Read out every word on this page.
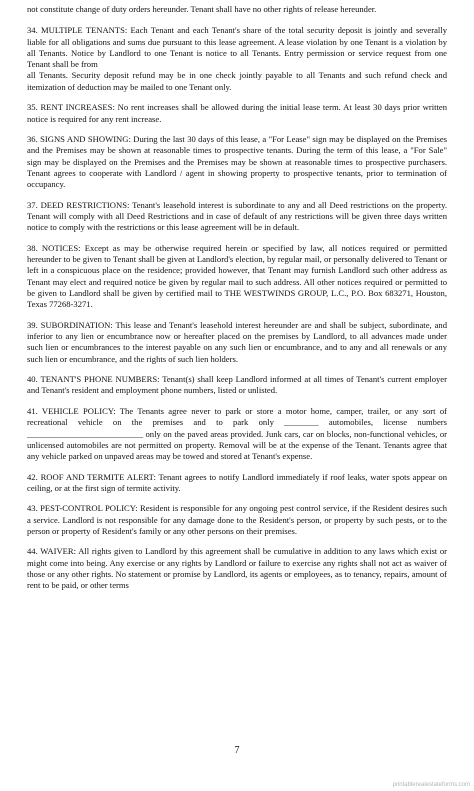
not constitute change of duty orders hereunder. Tenant shall have no other rights of release hereunder.

34. MULTIPLE TENANTS: Each Tenant and each Tenant's share of the total security deposit is jointly and severally liable for all obligations and sums due pursuant to this lease agreement. A lease violation by one Tenant is a violation by all Tenants. Notice by Landlord to one Tenant is notice to all Tenants. Entry permission or service request from one Tenant shall be from
all Tenants. Security deposit refund may be in one check jointly payable to all Tenants and such refund check and itemization of deduction may be mailed to one Tenant only.

35. RENT INCREASES: No rent increases shall be allowed during the initial lease term. At least 30 days prior written notice is required for any rent increase.

36. SIGNS AND SHOWING: During the last 30 days of this lease, a "For Lease" sign may be displayed on the Premises and the Premises may be shown at reasonable times to prospective tenants. During the term of this lease, a "For Sale" sign may be displayed on the Premises and the Premises may be shown at reasonable times to prospective purchasers. Tenant agrees to cooperate with Landlord / agent in showing property to prospective tenants, prior to termination of occupancy.

37. DEED RESTRICTIONS: Tenant's leasehold interest is subordinate to any and all Deed restrictions on the property. Tenant will comply with all Deed Restrictions and in case of default of any restrictions will be given three days written notice to comply with the restrictions or this lease agreement will be in default.

38. NOTICES: Except as may be otherwise required herein or specified by law, all notices required or permitted hereunder to be given to Tenant shall be given at Landlord's election, by regular mail, or personally delivered to Tenant or left in a conspicuous place on the residence; provided however, that Tenant may furnish Landlord such other address as Tenant may elect and required notice be given by regular mail to such address. All other notices required or permitted to be given to Landlord shall be given by certified mail to THE WESTWINDS GROUP, L.C., P.O. Box 683271, Houston, Texas 77268-3271.

39. SUBORDINATION: This lease and Tenant's leasehold interest hereunder are and shall be subject, subordinate, and inferior to any lien or encumbrance now or hereafter placed on the premises by Landlord, to all advances made under such lien or encumbrances to the interest payable on any such lien or encumbrance, and to any and all renewals or any such lien or encumbrance, and the rights of such lien holders.

40. TENANT'S PHONE NUMBERS: Tenant(s) shall keep Landlord informed at all times of Tenant's current employer and Tenant's resident and employment phone numbers, listed or unlisted.

41. VEHICLE POLICY: The Tenants agree never to park or store a motor home, camper, trailer, or any sort of recreational vehicle on the premises and to park only ________ automobiles, license numbers ___________________________ only on the paved areas provided. Junk cars, car on blocks, non-functional vehicles, or unlicensed automobiles are not permitted on property. Removal will be at the expense of the Tenant. Tenants agree that any vehicle parked on unpaved areas may be towed and stored at Tenant's expense.

42. ROOF AND TERMITE ALERT: Tenant agrees to notify Landlord immediately if roof leaks, water spots appear on ceiling, or at the first sign of termite activity.

43. PEST-CONTROL POLICY: Resident is responsible for any ongoing pest control service, if the Resident desires such a service. Landlord is not responsible for any damage done to the Resident's person, or property by such pests, or to the person or property of Resident's family or any other persons on their premises.

44. WAIVER: All rights given to Landlord by this agreement shall be cumulative in addition to any laws which exist or might come into being. Any exercise or any rights by Landlord or failure to exercise any rights shall not act as waiver of those or any other rights. No statement or promise by Landlord, its agents or employees, as to tenancy, repairs, amount of rent to be paid, or other terms

7
printablerealestateforms.com
